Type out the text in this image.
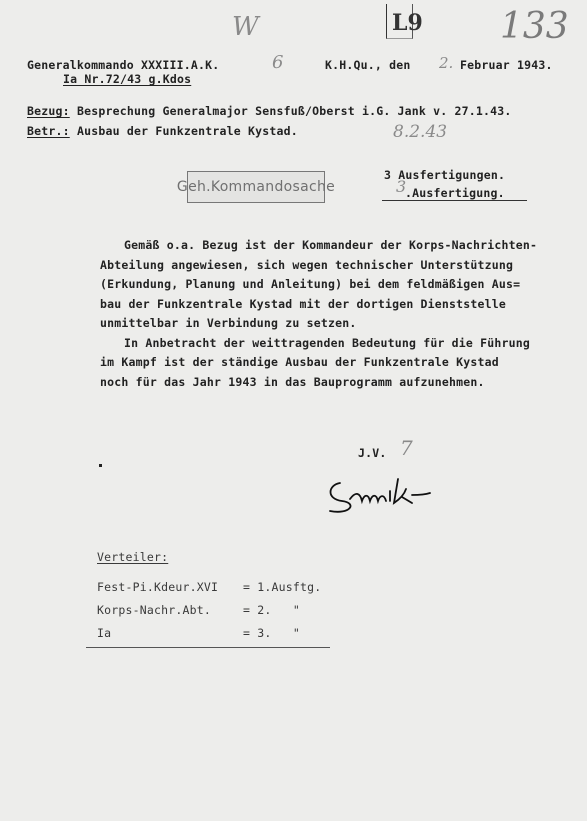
W
6
L9 133
Generalkommando XXXIII.A.K.
Ia Nr.72/43 g.Kdos
K.H.Qu., den 2. Februar 1943.
Bezug: Besprechung Generalmajor Sensfuß/Oberst i.G. Jank v. 27.1.43.
Betr.: Ausbau der Funkzentrale Kystad.	8.2.43
3 Ausfertigungen.
3
.Ausfertigung.
Geh.Kommandosache
Gemäß o.a. Bezug ist der Kommandeur der Korps-Nachrichten-
Abteilung angewiesen, sich wegen technischer Unterstützung
(Erkundung, Planung und Anleitung) bei dem feldmäßigen Aus=
bau der Funkzentrale Kystad mit der dortigen Dienststelle
unmittelbar in Verbindung zu setzen.
In Anbetracht der weittragenden Bedeutung für die Führung
im Kampf ist der ständige Ausbau der Funkzentrale Kystad
noch für das Jahr 1943 in das Bauprogramm aufzunehmen.
J.V. 7
Verteiler:
Fest-Pi.Kdeur.XVI = 1.Ausftg.
Korps-Nachr.Abt.	= 2.   "
Ia	= 3.   "
